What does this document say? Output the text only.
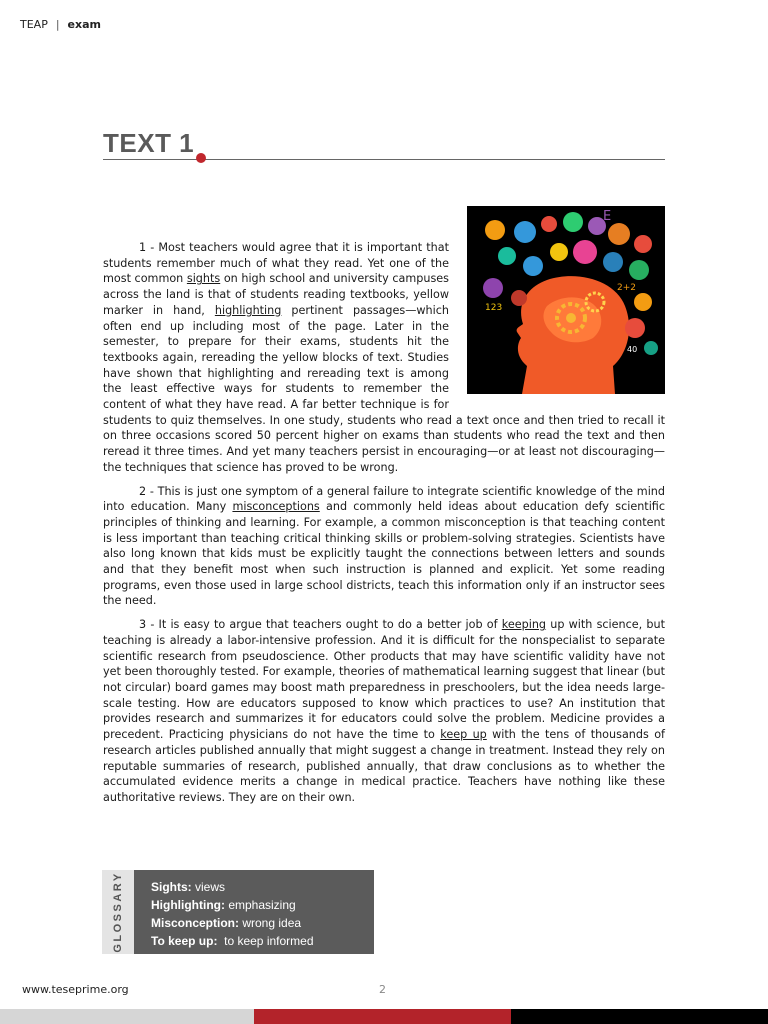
TEAP | exam
TEXT 1
E
123
2+2
P
40

1 - Most teachers would agree that it is important that students remember much of what they read. Yet one of the most common sights on high school and university campuses across the land is that of students reading textbooks, yellow marker in hand, highlighting pertinent passages—which often end up including most of the page. Later in the semester, to prepare for their exams, students hit the textbooks again, rereading the yellow blocks of text. Studies have shown that highlighting and rereading text is among the least effective ways for students to remember the content of what they have read. A far better technique is for students to quiz themselves. In one study, students who read a text once and then tried to recall it on three occasions scored 50 percent higher on exams than students who read the text and then reread it three times. And yet many teachers persist in encouraging—or at least not discouraging—the techniques that science has proved to be wrong.

2 - This is just one symptom of a general failure to integrate scientific knowledge of the mind into education. Many misconceptions and commonly held ideas about education defy scientific principles of thinking and learning. For example, a common misconception is that teaching content is less important than teaching critical thinking skills or problem-solving strategies. Scientists have also long known that kids must be explicitly taught the connections between letters and sounds and that they benefit most when such instruction is planned and explicit. Yet some reading programs, even those used in large school districts, teach this information only if an instructor sees the need.

3 - It is easy to argue that teachers ought to do a better job of keeping up with science, but teaching is already a labor-intensive profession. And it is difficult for the nonspecialist to separate scientific research from pseudoscience. Other products that may have scientific validity have not yet been thoroughly tested. For example, theories of mathematical learning suggest that linear (but not circular) board games may boost math preparedness in preschoolers, but the idea needs large-scale testing. How are educators supposed to know which practices to use? An institution that provides research and summarizes it for educators could solve the problem. Medicine provides a precedent. Practicing physicians do not have the time to keep up with the tens of thousands of research articles published annually that might suggest a change in treatment. Instead they rely on reputable summaries of research, published annually, that draw conclusions as to whether the accumulated evidence merits a change in medical practice. Teachers have nothing like these authoritative reviews. They are on their own.

GLOSSARY Sights: views
Highlighting: emphasizing
Misconception: wrong idea
To keep up:  to keep informed
www.teseprime.org	2
